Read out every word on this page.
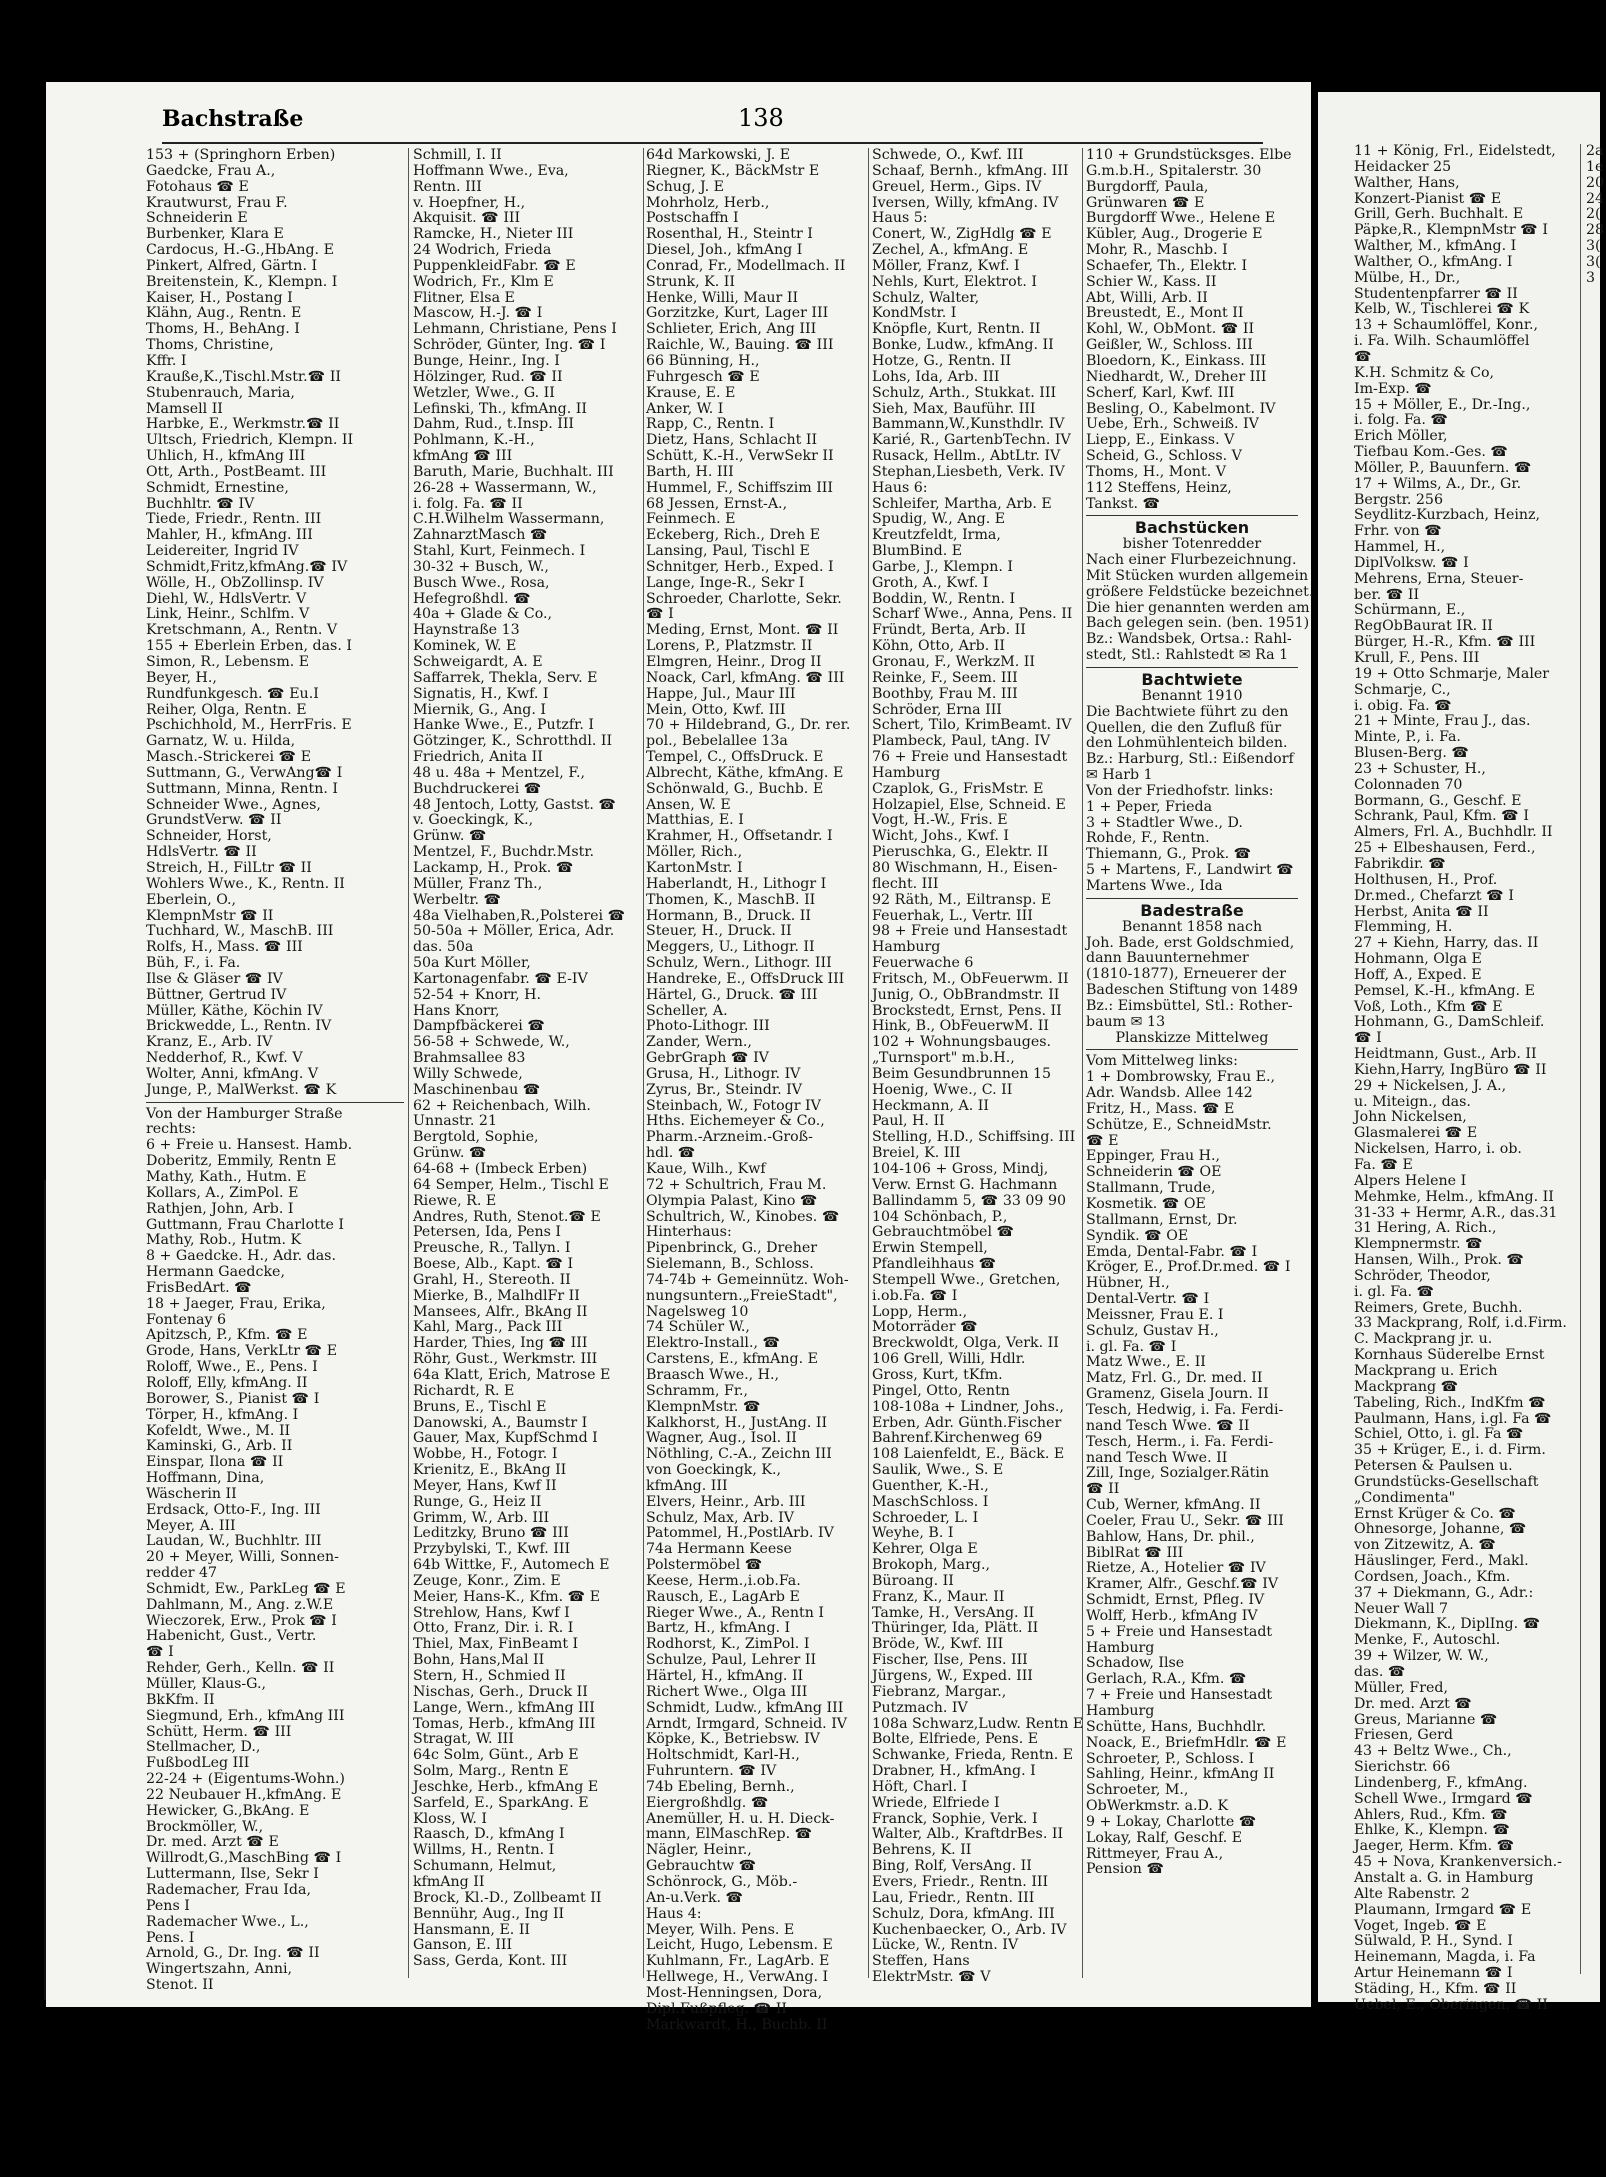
Bachstraße	138
153 + (Springhorn Erben)
Gaedcke, Frau A.,
Fotohaus ☎ E
Krautwurst, Frau F.
Schneiderin E
Burbenker, Klara E
Cardocus, H.-G.,HbAng. E
Pinkert, Alfred, Gärtn. I
Breitenstein, K., Klempn. I
Kaiser, H., Postang I
Klähn, Aug., Rentn. E
Thoms, H., BehAng. I
Thoms, Christine,
Kffr. I
Krauße,K.,Tischl.Mstr.☎ II
Stubenrauch, Maria,
Mamsell II
Harbke, E., Werkmstr.☎ II
Ultsch, Friedrich, Klempn. II
Uhlich, H., kfmAng III
Ott, Arth., PostBeamt. III
Schmidt, Ernestine,
Buchhltr. ☎ IV
Tiede, Friedr., Rentn. III
Mahler, H., kfmAng. III
Leidereiter, Ingrid IV
Schmidt,Fritz,kfmAng.☎ IV
Wölle, H., ObZollinsp. IV
Diehl, W., HdlsVertr. V
Link, Heinr., Schlfm. V
Kretschmann, A., Rentn. V
155 + Eberlein Erben, das. I
Simon, R., Lebensm. E
Beyer, H.,
Rundfunkgesch. ☎ Eu.I
Reiher, Olga, Rentn. E
Pschichhold, M., HerrFris. E
Garnatz, W. u. Hilda,
Masch.-Strickerei ☎ E
Suttmann, G., VerwAng☎ I
Suttmann, Minna, Rentn. I
Schneider Wwe., Agnes,
GrundstVerw. ☎ II
Schneider, Horst,
HdlsVertr. ☎ II
Streich, H., FilLtr ☎ II
Wohlers Wwe., K., Rentn. II
Eberlein, O.,
KlempnMstr ☎ II
Tuchhard, W., MaschB. III
Rolfs, H., Mass. ☎ III
Büh, F., i. Fa.
Ilse & Gläser ☎ IV
Büttner, Gertrud IV
Müller, Käthe, Köchin IV
Brickwedde, L., Rentn. IV
Kranz, E., Arb. IV
Nedderhof, R., Kwf. V
Wolter, Anni, kfmAng. V
Junge, P., MalWerkst. ☎ K
Von der Hamburger Straße
rechts:
6 + Freie u. Hansest. Hamb.
Doberitz, Emmily, Rentn E
Mathy, Kath., Hutm. E
Kollars, A., ZimPol. E
Rathjen, John, Arb. I
Guttmann, Frau Charlotte I
Mathy, Rob., Hutm. K
8 + Gaedcke. H., Adr. das.
Hermann Gaedcke,
FrisBedArt. ☎
18 + Jaeger, Frau, Erika,
Fontenay 6
Apitzsch, P., Kfm. ☎ E
Grode, Hans, VerkLtr ☎ E
Roloff, Wwe., E., Pens. I
Roloff, Elly, kfmAng. II
Borower, S., Pianist ☎ I
Törper, H., kfmAng. I
Kofeldt, Wwe., M. II
Kaminski, G., Arb. II
Einspar, Ilona ☎ II
Hoffmann, Dina,
Wäscherin II
Erdsack, Otto-F., Ing. III
Meyer, A. III
Laudan, W., Buchhltr. III
20 + Meyer, Willi, Sonnen-
redder 47
Schmidt, Ew., ParkLeg ☎ E
Dahlmann, M., Ang. z.W.E
Wieczorek, Erw., Prok ☎ I
Habenicht, Gust., Vertr.
☎ I
Rehder, Gerh., Kelln. ☎ II
Müller, Klaus-G.,
BkKfm. II
Siegmund, Erh., kfmAng III
Schütt, Herm. ☎ III
Stellmacher, D.,
FußbodLeg III
22-24 + (Eigentums-Wohn.)
22 Neubauer H.,kfmAng. E
Hewicker, G.,BkAng. E
Brockmöller, W.,
Dr. med. Arzt ☎ E
Willrodt,G.,MaschBing ☎ I
Luttermann, Ilse, Sekr I
Rademacher, Frau Ida,
Pens I
Rademacher Wwe., L.,
Pens. I
Arnold, G., Dr. Ing. ☎ II
Wingertszahn, Anni,
Stenot. II
Schmill, I. II
Hoffmann Wwe., Eva,
Rentn. III
v. Hoepfner, H.,
Akquisit. ☎ III
Ramcke, H., Nieter III
24 Wodrich, Frieda
PuppenkleidFabr. ☎ E
Wodrich, Fr., Klm E
Flitner, Elsa E
Mascow, H.-J. ☎ I
Lehmann, Christiane, Pens I
Schröder, Günter, Ing. ☎ I
Bunge, Heinr., Ing. I
Hölzinger, Rud. ☎ II
Wetzler, Wwe., G. II
Lefinski, Th., kfmAng. II
Dahm, Rud., t.Insp. III
Pohlmann, K.-H.,
kfmAng ☎ III
Baruth, Marie, Buchhalt. III
26-28 + Wassermann, W.,
i. folg. Fa. ☎ II
C.H.Wilhelm Wassermann,
ZahnarztMasch ☎
Stahl, Kurt, Feinmech. I
30-32 + Busch, W.,
Busch Wwe., Rosa,
Hefegroßhdl. ☎
40a + Glade & Co.,
Haynstraße 13
Kominek, W. E
Schweigardt, A. E
Saffarrek, Thekla, Serv. E
Signatis, H., Kwf. I
Miernik, G., Ang. I
Hanke Wwe., E., Putzfr. I
Götzinger, K., Schrotthdl. II
Friedrich, Anita II
48 u. 48a + Mentzel, F.,
Buchdruckerei ☎
48 Jentoch, Lotty, Gastst. ☎
v. Goeckingk, K.,
Grünw. ☎
Mentzel, F., Buchdr.Mstr.
Lackamp, H., Prok. ☎
Müller, Franz Th.,
Werbeltr. ☎
48a Vielhaben,R.,Polsterei ☎
50-50a + Möller, Erica, Adr.
das. 50a
50a Kurt Möller,
Kartonagenfabr. ☎ E-IV
52-54 + Knorr, H.
Hans Knorr,
Dampfbäckerei ☎
56-58 + Schwede, W.,
Brahmsallee 83
Willy Schwede,
Maschinenbau ☎
62 + Reichenbach, Wilh.
Unnastr. 21
Bergtold, Sophie,
Grünw. ☎
64-68 + (Imbeck Erben)
64 Semper, Helm., Tischl E
Riewe, R. E
Andres, Ruth, Stenot.☎ E
Petersen, Ida, Pens I
Preusche, R., Tallyn. I
Boese, Alb., Kapt. ☎ I
Grahl, H., Stereoth. II
Mierke, B., MalhdlFr II
Mansees, Alfr., BkAng II
Kahl, Marg., Pack III
Harder, Thies, Ing ☎ III
Röhr, Gust., Werkmstr. III
64a Klatt, Erich, Matrose E
Richardt, R. E
Bruns, E., Tischl E
Danowski, A., Baumstr I
Gauer, Max, KupfSchmd I
Wobbe, H., Fotogr. I
Krienitz, E., BkAng II
Meyer, Hans, Kwf II
Runge, G., Heiz II
Grimm, W., Arb. III
Leditzky, Bruno ☎ III
Przybylski, T., Kwf. III
64b Wittke, F., Automech E
Zeuge, Konr., Zim. E
Meier, Hans-K., Kfm. ☎ E
Strehlow, Hans, Kwf I
Otto, Franz, Dir. i. R. I
Thiel, Max, FinBeamt I
Bohn, Hans,Mal II
Stern, H., Schmied II
Nischas, Gerh., Druck II
Lange, Wern., kfmAng III
Tomas, Herb., kfmAng III
Stragat, W. III
64c Solm, Günt., Arb E
Solm, Marg., Rentn E
Jeschke, Herb., kfmAng E
Sarfeld, E., SparkAng. E
Kloss, W. I
Raasch, D., kfmAng I
Willms, H., Rentn. I
Schumann, Helmut,
kfmAng II
Brock, Kl.-D., Zollbeamt II
Bennühr, Aug., Ing II
Hansmann, E. II
Ganson, E. III
Sass, Gerda, Kont. III
64d Markowski, J. E
Riegner, K., BäckMstr E
Schug, J. E
Mohrholz, Herb.,
Postschaffn I
Rosenthal, H., Steintr I
Diesel, Joh., kfmAng I
Conrad, Fr., Modellmach. II
Strunk, K. II
Henke, Willi, Maur II
Gorzitzke, Kurt, Lager III
Schlieter, Erich, Ang III
Raichle, W., Bauing. ☎ III
66 Bünning, H.,
Fuhrgesch ☎ E
Krause, E. E
Anker, W. I
Rapp, C., Rentn. I
Dietz, Hans, Schlacht II
Schütt, K.-H., VerwSekr II
Barth, H. III
Hummel, F., Schiffszim III
68 Jessen, Ernst-A.,
Feinmech. E
Eckeberg, Rich., Dreh E
Lansing, Paul, Tischl E
Schnitger, Herb., Exped. I
Lange, Inge-R., Sekr I
Schroeder, Charlotte, Sekr.
☎ I
Meding, Ernst, Mont. ☎ II
Lorens, P., Platzmstr. II
Elmgren, Heinr., Drog II
Noack, Carl, kfmAng. ☎ III
Happe, Jul., Maur III
Mein, Otto, Kwf. III
70 + Hildebrand, G., Dr. rer.
pol., Bebelallee 13a
Tempel, C., OffsDruck. E
Albrecht, Käthe, kfmAng. E
Schönwald, G., Buchb. E
Ansen, W. E
Matthias, E. I
Krahmer, H., Offsetandr. I
Möller, Rich.,
KartonMstr. I
Haberlandt, H., Lithogr I
Thomen, K., MaschB. II
Hormann, B., Druck. II
Steuer, H., Druck. II
Meggers, U., Lithogr. II
Schulz, Wern., Lithogr. III
Handreke, E., OffsDruck III
Härtel, G., Druck. ☎ III
Scheller, A.
Photo-Lithogr. III
Zander, Wern.,
GebrGraph ☎ IV
Grusa, H., Lithogr. IV
Zyrus, Br., Steindr. IV
Steinbach, W., Fotogr IV
Hths. Eichemeyer & Co.,
Pharm.-Arzneim.-Groß-
hdl. ☎
Kaue, Wilh., Kwf
72 + Schultrich, Frau M.
Olympia Palast, Kino ☎
Schultrich, W., Kinobes. ☎
Hinterhaus:
Pipenbrinck, G., Dreher
Sielemann, B., Schloss.
74-74b + Gemeinnütz. Woh-
nungsuntern.„FreieStadt",
Nagelsweg 10
74 Schüler W.,
Elektro-Install., ☎
Carstens, E., kfmAng. E
Braasch Wwe., H.,
Schramm, Fr.,
KlempnMstr. ☎
Kalkhorst, H., JustAng. II
Wagner, Aug., Isol. II
Nöthling, C.-A., Zeichn III
von Goeckingk, K.,
kfmAng. III
Elvers, Heinr., Arb. III
Schulz, Max, Arb. IV
Patommel, H.,PostlArb. IV
74a Hermann Keese
Polstermöbel ☎
Keese, Herm.,i.ob.Fa.
Rausch, E., LagArb E
Rieger Wwe., A., Rentn I
Bartz, H., kfmAng. I
Rodhorst, K., ZimPol. I
Schulze, Paul, Lehrer II
Härtel, H., kfmAng. II
Richert Wwe., Olga III
Schmidt, Ludw., kfmAng III
Arndt, Irmgard, Schneid. IV
Köpke, K., Betriebsw. IV
Holtschmidt, Karl-H.,
Fuhruntern. ☎ IV
74b Ebeling, Bernh.,
Eiergroßhdlg. ☎
Anemüller, H. u. H. Dieck-
mann, ElMaschRep. ☎
Nägler, Heinr.,
Gebrauchtw ☎
Schönrock, G., Möb.-
An-u.Verk. ☎
Haus 4:
Meyer, Wilh. Pens. E
Leicht, Hugo, Lebensm. E
Kuhlmann, Fr., LagArb. E
Hellwege, H., VerwAng. I
Most-Henningsen, Dora,
Dipl.Fußpfleg. ☎ II
Markwardt, H., Buchb. II
Schwede, O., Kwf. III
Schaaf, Bernh., kfmAng. III
Greuel, Herm., Gips. IV
Iversen, Willy, kfmAng. IV
Haus 5:
Conert, W., ZigHdlg ☎ E
Zechel, A., kfmAng. E
Möller, Franz, Kwf. I
Nehls, Kurt, Elektrot. I
Schulz, Walter,
KondMstr. I
Knöpfle, Kurt, Rentn. II
Bonke, Ludw., kfmAng. II
Hotze, G., Rentn. II
Lohs, Ida, Arb. III
Schulz, Arth., Stukkat. III
Sieh, Max, Bauführ. III
Bammann,W.,Kunsthdlr. IV
Karié, R., GartenbTechn. IV
Rusack, Hellm., AbtLtr. IV
Stephan,Liesbeth, Verk. IV
Haus 6:
Schleifer, Martha, Arb. E
Spudig, W., Ang. E
Kreutzfeldt, Irma,
BlumBind. E
Garbe, J., Klempn. I
Groth, A., Kwf. I
Boddin, W., Rentn. I
Scharf Wwe., Anna, Pens. II
Fründt, Berta, Arb. II
Köhn, Otto, Arb. II
Gronau, F., WerkzM. II
Reinke, F., Seem. III
Boothby, Frau M. III
Schröder, Erna III
Schert, Tilo, KrimBeamt. IV
Plambeck, Paul, tAng. IV
76 + Freie und Hansestadt
Hamburg
Czaplok, G., FrisMstr. E
Holzapiel, Else, Schneid. E
Vogt, H.-W., Fris. E
Wicht, Johs., Kwf. I
Pieruschka, G., Elektr. II
80 Wischmann, H., Eisen-
flecht. III
92 Räth, M., Eiltransp. E
Feuerhak, L., Vertr. III
98 + Freie und Hansestadt
Hamburg
Feuerwache 6
Fritsch, M., ObFeuerwm. II
Junig, O., ObBrandmstr. II
Brockstedt, Ernst, Pens. II
Hink, B., ObFeuerwM. II
102 + Wohnungsbauges.
„Turnsport" m.b.H.,
Beim Gesundbrunnen 15
Hoenig, Wwe., C. II
Heckmann, A. II
Paul, H. II
Stelling, H.D., Schiffsing. III
Breiel, K. III
104-106 + Gross, Mindj,
Verw. Ernst G. Hachmann
Ballindamm 5, ☎ 33 09 90
104 Schönbach, P.,
Gebrauchtmöbel ☎
Erwin Stempell,
Pfandleihhaus ☎
Stempell Wwe., Gretchen,
i.ob.Fa. ☎ I
Lopp, Herm.,
Motorräder ☎
Breckwoldt, Olga, Verk. II
106 Grell, Willi, Hdlr.
Gross, Kurt, tKfm.
Pingel, Otto, Rentn
108-108a + Lindner, Johs.,
Erben, Adr. Günth.Fischer
Bahrenf.Kirchenweg 69
108 Laienfeldt, E., Bäck. E
Saulik, Wwe., S. E
Guenther, K.-H.,
MaschSchloss. I
Schroeder, L. I
Weyhe, B. I
Kehrer, Olga E
Brokoph, Marg.,
Büroang. II
Franz, K., Maur. II
Tamke, H., VersAng. II
Thüringer, Ida, Plätt. II
Bröde, W., Kwf. III
Fischer, Ilse, Pens. III
Jürgens, W., Exped. III
Fiebranz, Margar.,
Putzmach. IV
108a Schwarz,Ludw. Rentn E
Bolte, Elfriede, Pens. E
Schwanke, Frieda, Rentn. E
Drabner, H., kfmAng. I
Höft, Charl. I
Wriede, Elfriede I
Franck, Sophie, Verk. I
Walter, Alb., KraftdrBes. II
Behrens, K. II
Bing, Rolf, VersAng. II
Evers, Friedr., Rentn. III
Lau, Friedr., Rentn. III
Schulz, Dora, kfmAng. III
Kuchenbaecker, O., Arb. IV
Lücke, W., Rentn. IV
Steffen, Hans
ElektrMstr. ☎ V
110 + Grundstücksges. Elbe
G.m.b.H., Spitalerstr. 30
Burgdorff, Paula,
Grünwaren ☎ E
Burgdorff Wwe., Helene E
Kübler, Aug., Drogerie E
Mohr, R., Maschb. I
Schaefer, Th., Elektr. I
Schier W., Kass. II
Abt, Willi, Arb. II
Breustedt, E., Mont II
Kohl, W., ObMont. ☎ II
Geißler, W., Schloss. III
Bloedorn, K., Einkass. III
Niedhardt, W., Dreher III
Scherf, Karl, Kwf. III
Besling, O., Kabelmont. IV
Uebe, Erh., Schweiß. IV
Liepp, E., Einkass. V
Scheid, G., Schloss. V
Thoms, H., Mont. V
112 Steffens, Heinz,
Tankst. ☎
Bachstücken
bisher Totenredder
Nach einer Flurbezeichnung.
Mit Stücken wurden allgemein
größere Feldstücke bezeichnet.
Die hier genannten werden am
Bach gelegen sein. (ben. 1951)
Bz.: Wandsbek, Ortsa.: Rahl-
stedt, Stl.: Rahlstedt ✉ Ra 1
Bachtwiete
Benannt 1910
Die Bachtwiete führt zu den
Quellen, die den Zufluß für
den Lohmühlenteich bilden.
Bz.: Harburg, Stl.: Eißendorf
✉ Harb 1
Von der Friedhofstr. links:
1 + Peper, Frieda
3 + Stadtler Wwe., D.
Rohde, F., Rentn.
Thiemann, G., Prok. ☎
5 + Martens, F., Landwirt ☎
Martens Wwe., Ida
Badestraße
Benannt 1858 nach
Joh. Bade, erst Goldschmied,
dann Bauunternehmer
(1810-1877), Erneuerer der
Badeschen Stiftung von 1489
Bz.: Eimsbüttel, Stl.: Rother-
baum ✉ 13
Planskizze Mittelweg
Vom Mittelweg links:
1 + Dombrowsky, Frau E.,
Adr. Wandsb. Allee 142
Fritz, H., Mass. ☎ E
Schütze, E., SchneidMstr.
☎ E
Eppinger, Frau H.,
Schneiderin ☎ OE
Stallmann, Trude,
Kosmetik. ☎ OE
Stallmann, Ernst, Dr.
Syndik. ☎ OE
Emda, Dental-Fabr. ☎ I
Kröger, E., Prof.Dr.med. ☎ I
Hübner, H.,
Dental-Vertr. ☎ I
Meissner, Frau E. I
Schulz, Gustav H.,
i. gl. Fa. ☎ I
Matz Wwe., E. II
Matz, Frl. G., Dr. med. II
Gramenz, Gisela Journ. II
Tesch, Hedwig, i. Fa. Ferdi-
nand Tesch Wwe. ☎ II
Tesch, Herm., i. Fa. Ferdi-
nand Tesch Wwe. II
Zill, Inge, Sozialger.Rätin
☎ II
Cub, Werner, kfmAng. II
Coeler, Frau U., Sekr. ☎ III
Bahlow, Hans, Dr. phil.,
BiblRat ☎ III
Rietze, A., Hotelier ☎ IV
Kramer, Alfr., Geschf.☎ IV
Schmidt, Ernst, Pfleg. IV
Wolff, Herb., kfmAng IV
5 + Freie und Hansestadt
Hamburg
Schadow, Ilse
Gerlach, R.A., Kfm. ☎
7 + Freie und Hansestadt
Hamburg
Schütte, Hans, Buchhdlr.
Noack, E., BriefmHdlr. ☎ E
Schroeter, P., Schloss. I
Sahling, Heinr., kfmAng II
Schroeter, M.,
ObWerkmstr. a.D. K
9 + Lokay, Charlotte ☎
Lokay, Ralf, Geschf. E
Rittmeyer, Frau A.,
Pension ☎
11 + König, Frl., Eidelstedt,
Heidacker 25
Walther, Hans,
Konzert-Pianist ☎ E
Grill, Gerh. Buchhalt. E
Päpke,R., KlempnMstr ☎ I
Walther, M., kfmAng. I
Walther, O., kfmAng. I
Mülbe, H., Dr.,
Studentenpfarrer ☎ II
Kelb, W., Tischlerei ☎ K
13 + Schaumlöffel, Konr.,
i. Fa. Wilh. Schaumlöffel
☎
K.H. Schmitz & Co,
Im-Exp. ☎
15 + Möller, E., Dr.-Ing.,
i. folg. Fa. ☎
Erich Möller,
Tiefbau Kom.-Ges. ☎
Möller, P., Bauunfern. ☎
17 + Wilms, A., Dr., Gr.
Bergstr. 256
Seydlitz-Kurzbach, Heinz,
Frhr. von ☎
Hammel, H.,
DiplVolksw. ☎ I
Mehrens, Erna, Steuer-
ber. ☎ II
Schürmann, E.,
RegObBaurat IR. II
Bürger, H.-R., Kfm. ☎ III
Krull, F., Pens. III
19 + Otto Schmarje, Maler
Schmarje, C.,
i. obig. Fa. ☎
21 + Minte, Frau J., das.
Minte, P., i. Fa.
Blusen-Berg. ☎
23 + Schuster, H.,
Colonnaden 70
Bormann, G., Geschf. E
Schrank, Paul, Kfm. ☎ I
Almers, Frl. A., Buchhdlr. II
25 + Elbeshausen, Ferd.,
Fabrikdir. ☎
Holthusen, H., Prof.
Dr.med., Chefarzt ☎ I
Herbst, Anita ☎ II
Flemming, H.
27 + Kiehn, Harry, das. II
Hohmann, Olga E
Hoff, A., Exped. E
Pemsel, K.-H., kfmAng. E
Voß, Loth., Kfm ☎ E
Hohmann, G., DamSchleif.
☎ I
Heidtmann, Gust., Arb. II
Kiehn,Harry, IngBüro ☎ II
29 + Nickelsen, J. A.,
u. Miteign., das.
John Nickelsen,
Glasmalerei ☎ E
Nickelsen, Harro, i. ob.
Fa. ☎ E
Alpers Helene I
Mehmke, Helm., kfmAng. II
31-33 + Hermr, A.R., das.31
31 Hering, A. Rich.,
Klempnermstr. ☎
Hansen, Wilh., Prok. ☎
Schröder, Theodor,
i. gl. Fa. ☎
Reimers, Grete, Buchh.
33 Mackprang, Rolf, i.d.Firm.
C. Mackprang jr. u.
Kornhaus Süderelbe Ernst
Mackprang u. Erich
Mackprang ☎
Tabeling, Rich., IndKfm ☎
Paulmann, Hans, i.gl. Fa ☎
Schiel, Otto, i. gl. Fa ☎
35 + Krüger, E., i. d. Firm.
Petersen & Paulsen u.
Grundstücks-Gesellschaft
„Condimenta"
Ernst Krüger & Co. ☎
Ohnesorge, Johanne, ☎
von Zitzewitz, A. ☎
Häuslinger, Ferd., Makl.
Cordsen, Joach., Kfm.
37 + Diekmann, G., Adr.:
Neuer Wall 7
Diekmann, K., DiplIng. ☎
Menke, F., Autoschl.
39 + Wilzer, W. W.,
das. ☎
Müller, Fred,
Dr. med. Arzt ☎
Greus, Marianne ☎
Friesen, Gerd
43 + Beltz Wwe., Ch.,
Sierichstr. 66
Lindenberg, F., kfmAng.
Schell Wwe., Irmgard ☎
Ahlers, Rud., Kfm. ☎
Ehlke, K., Klempn. ☎
Jaeger, Herm. Kfm. ☎
45 + Nova, Krankenversich.-
Anstalt a. G. in Hamburg
Alte Rabenstr. 2
Plaumann, Irmgard ☎ E
Voget, Ingeb. ☎ E
Sülwald, P. H., Synd. I
Heinemann, Magda, i. Fa
Artur Heinemann ☎ I
Städing, H., Kfm. ☎ II
Uebel, E., Oberingen. ☎ II
2a
1e
20
24
2(
28
3(
3(
3
